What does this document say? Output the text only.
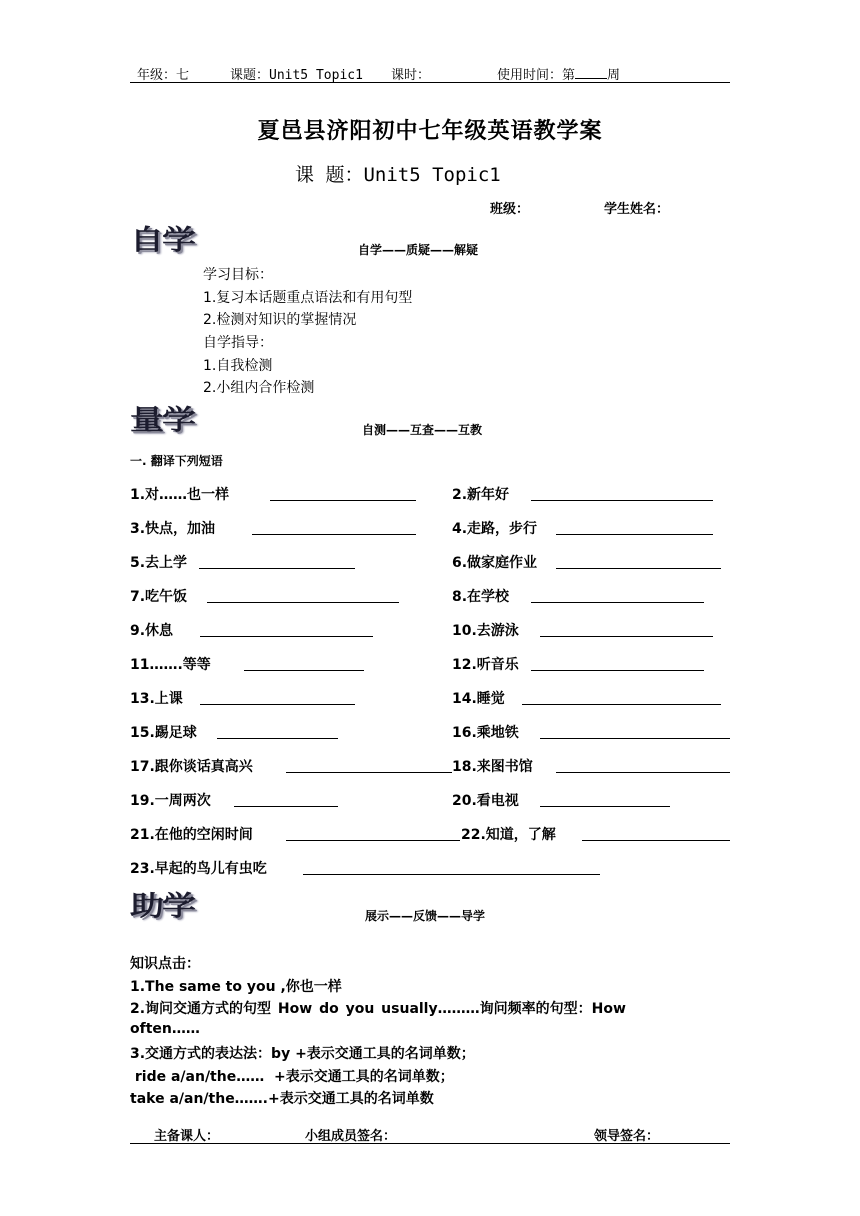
年级：七	课题：Unit5 Topic1 课时：	使用时间：第 周
夏邑县济阳初中七年级英语教学案
课 题：Unit5 Topic1
班级：	学生姓名：
自学	自学——质疑——解疑
学习目标：
1.复习本话题重点语法和有用句型
2.检测对知识的掌握情况
自学指导：
1.自我检测
2.小组内合作检测
量学	自测——互查——互教
一. 翻译下列短语
1.对……也一样	2.新年好
3.快点，加油	4.走路，步行
5.去上学	6.做家庭作业
7.吃午饭	8.在学校
9.休息	10.去游泳
11…….等等	12.听音乐
13.上课	14.睡觉
15.踢足球	16.乘地铁
17.跟你谈话真高兴	18.来图书馆
19.一周两次	20.看电视
21.在他的空闲时间	22.知道，了解
23.早起的鸟儿有虫吃
助学	展示——反馈——导学
知识点击：
1.The same to you ,你也一样
2.询问交通方式的句型 How do you usually………询问频率的句型：How
often……
3.交通方式的表达法：by +表示交通工具的名词单数；
ride a/an/the……  +表示交通工具的名词单数；
take a/an/the…….+表示交通工具的名词单数
主备课人：	小组成员签名：	领导签名：
